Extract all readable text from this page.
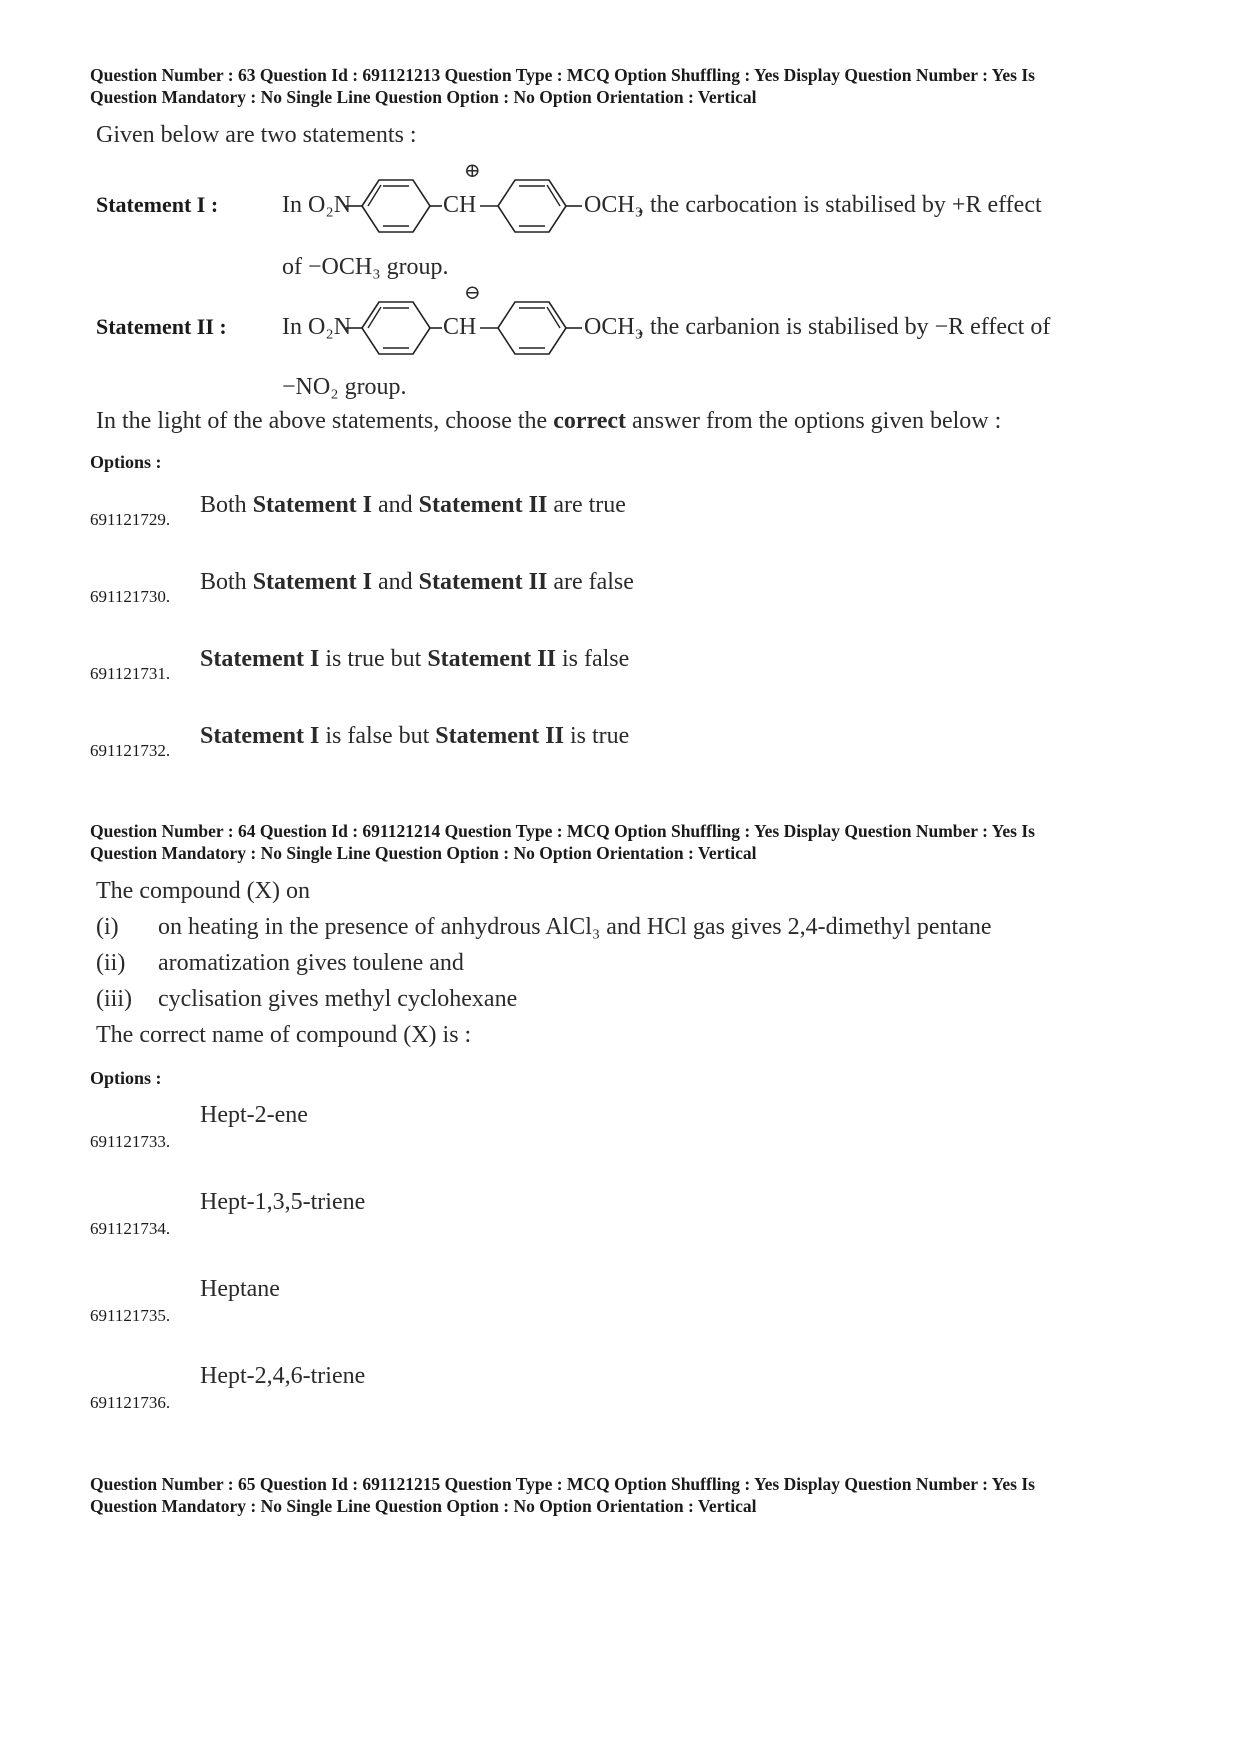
Question Number : 63 Question Id : 691121213 Question Type : MCQ Option Shuffling : Yes Display Question Number : Yes Is
Question Mandatory : No Single Line Question Option : No Option Orientation : Vertical
Given below are two statements :
Statement I :	In O₂N
⊕
CH	OCH₃
, the carbocation is stabilised by +R effect
of −OCH₃ group.
Statement II : In O₂N
⊖
CH	OCH₃
, the carbanion is stabilised by −R effect of
−NO₂ group.
In the light of the above statements, choose the correct answer from the options given below :
Options :
691121729.
Both Statement I and Statement II are true
691121730.
Both Statement I and Statement II are false
691121731.
Statement I is true but Statement II is false
691121732.
Statement I is false but Statement II is true
Question Number : 64 Question Id : 691121214 Question Type : MCQ Option Shuffling : Yes Display Question Number : Yes Is
Question Mandatory : No Single Line Question Option : No Option Orientation : Vertical
The compound (X) on
(i) on heating in the presence of anhydrous AlCl₃ and HCl gas gives 2,4-dimethyl pentane
(ii) aromatization gives toulene and
(iii) cyclisation gives methyl cyclohexane
The correct name of compound (X) is :
Options :
Hept-2-ene
691121733.
Hept-1,3,5-triene
691121734.
Heptane
691121735.
Hept-2,4,6-triene
691121736.
Question Number : 65 Question Id : 691121215 Question Type : MCQ Option Shuffling : Yes Display Question Number : Yes Is
Question Mandatory : No Single Line Question Option : No Option Orientation : Vertical
